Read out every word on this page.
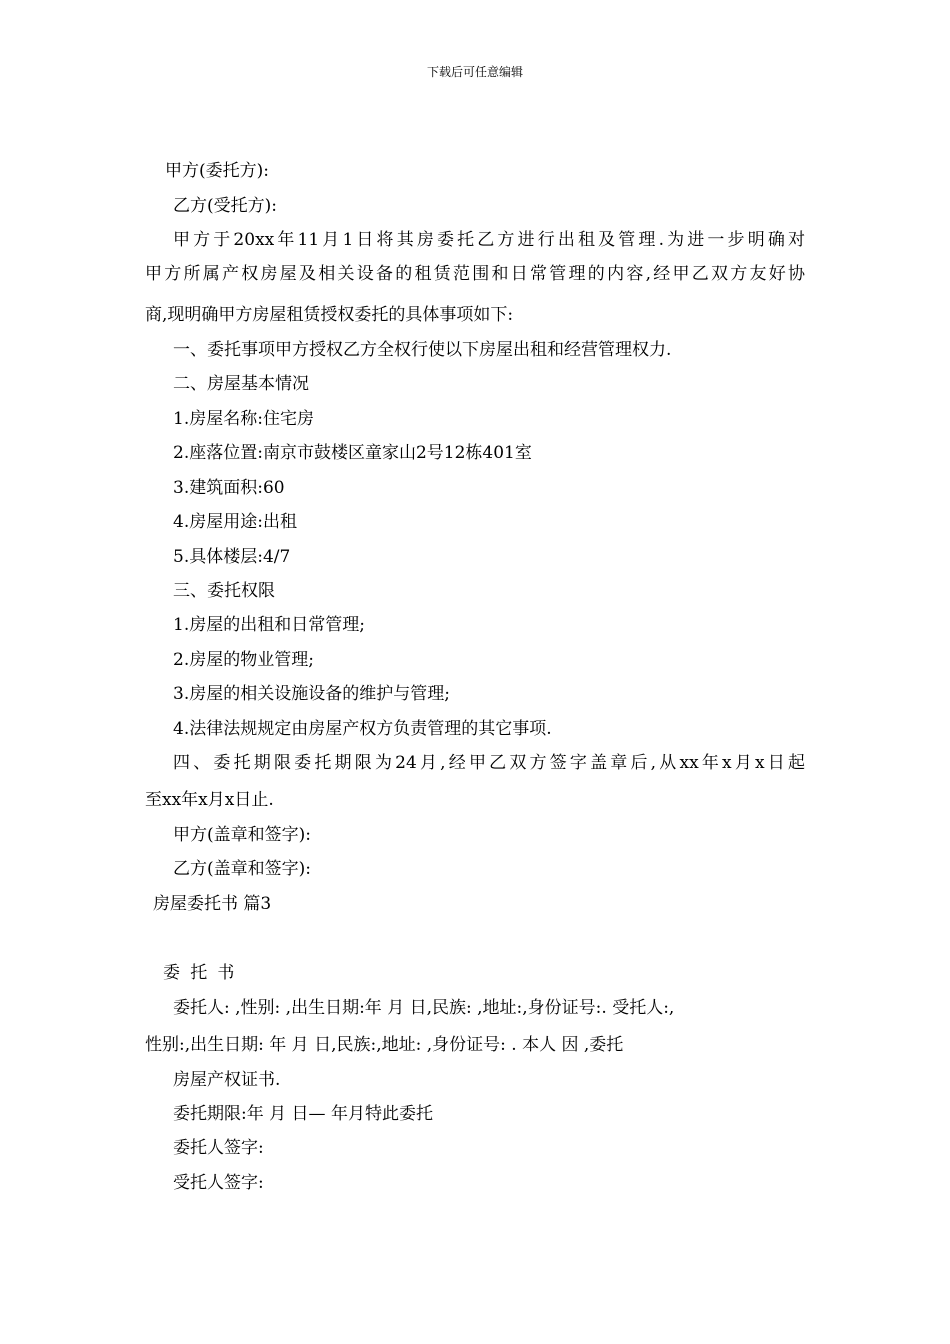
下载后可任意编辑
甲方(委托方):
乙方(受托方):
甲方于20xx年11月1日将其房委托乙方进行出租及管理.为进一步明确对
甲方所属产权房屋及相关设备的租赁范围和日常管理的内容,经甲乙双方友好协
商,现明确甲方房屋租赁授权委托的具体事项如下:
一、委托事项甲方授权乙方全权行使以下房屋出租和经营管理权力.
二、房屋基本情况
1.房屋名称:住宅房
2.座落位置:南京市鼓楼区童家山2号12栋401室
3.建筑面积:60
4.房屋用途:出租
5.具体楼层:4/7
三、委托权限
1.房屋的出租和日常管理;
2.房屋的物业管理;
3.房屋的相关设施设备的维护与管理;
4.法律法规规定由房屋产权方负责管理的其它事项.
四、委托期限委托期限为24月,经甲乙双方签字盖章后,从xx年x月x日起
至xx年x月x日止.
甲方(盖章和签字):
乙方(盖章和签字):
房屋委托书 篇3
委托书
委托人: ,性别: ,出生日期:年 月 日,民族: ,地址:,身份证号:. 受托人:,
性别:,出生日期: 年 月 日,民族:,地址: ,身份证号: . 本人 因 ,委托
房屋产权证书.
委托期限:年 月 日— 年月特此委托
委托人签字:
受托人签字:
